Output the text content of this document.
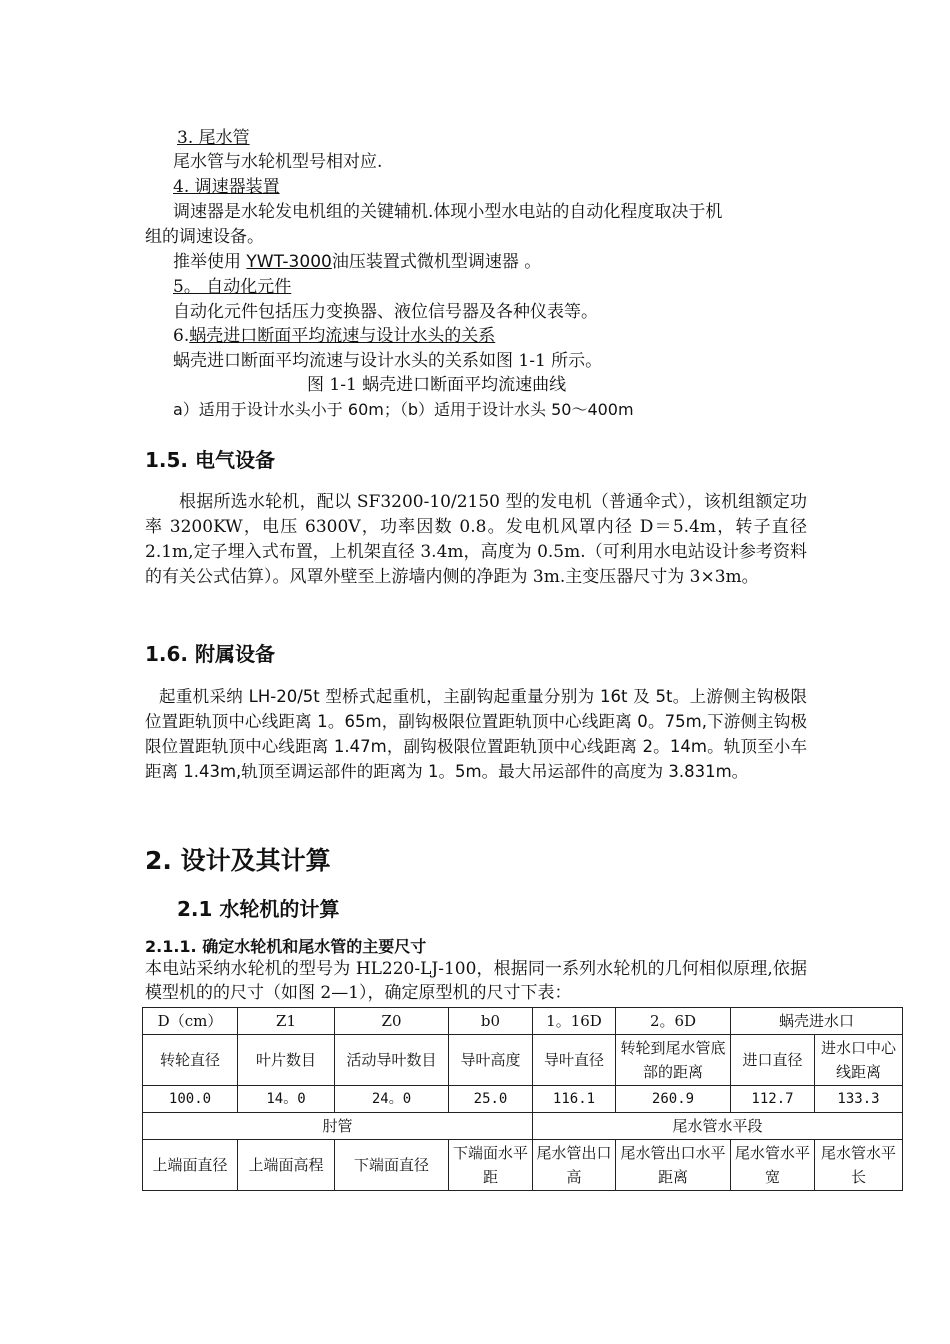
3. 尾水管
尾水管与水轮机型号相对应.
4. 调速器装置
调速器是水轮发电机组的关键辅机.体现小型水电站的自动化程度取决于机
组的调速设备。
推举使用 YWT-3000油压装置式微机型调速器 。
5。 自动化元件
自动化元件包括压力变换器、液位信号器及各种仪表等。
6.蜗壳进口断面平均流速与设计水头的关系
蜗壳进口断面平均流速与设计水头的关系如图 1-1 所示。
图 1-1 蜗壳进口断面平均流速曲线
a）适用于设计水头小于 60m；（b）适用于设计水头 50～400m
1.5. 电气设备
根据所选水轮机，配以 SF3200-10/2150 型的发电机（普通伞式），该机组额定功率 3200KW，电压 6300V，功率因数 0.8。发电机风罩内径 D＝5.4m，转子直径 2.1m,定子埋入式布置，上机架直径 3.4m，高度为 0.5m.（可利用水电站设计参考资料的有关公式估算）。风罩外壁至上游墙内侧的净距为 3m.主变压器尺寸为 3×3m。
1.6. 附属设备
起重机采纳 LH-20/5t 型桥式起重机，主副钩起重量分别为 16t 及 5t。上游侧主钩极限位置距轨顶中心线距离 1。65m，副钩极限位置距轨顶中心线距离 0。75m,下游侧主钩极限位置距轨顶中心线距离 1.47m，副钩极限位置距轨顶中心线距离 2。14m。轨顶至小车距离 1.43m,轨顶至调运部件的距离为 1。5m。最大吊运部件的高度为 3.831m。
2. 设计及其计算
2.1 水轮机的计算
2.1.1. 确定水轮机和尾水管的主要尺寸
本电站采纳水轮机的型号为 HL220-LJ-100，根据同一系列水轮机的几何相似原理,依据模型机的的尺寸（如图 2—1），确定原型机的尺寸下表：
D（cm）	Z1	Z0	b0	1。16D	2。6D	蜗壳进水口	
转轮直径	叶片数目	活动导叶数目	导叶高度	导叶直径	转轮到尾水管底部的距离	进口直径	进水口中心线距离
100.0	14。0	24。0	25.0	116.1	260.9	112.7	133.3
肘管				尾水管水平段			
上端面直径	上端面高程	下端面直径	下端面水平距	尾水管出口高	尾水管出口水平距离	尾水管水平宽	尾水管水平长
